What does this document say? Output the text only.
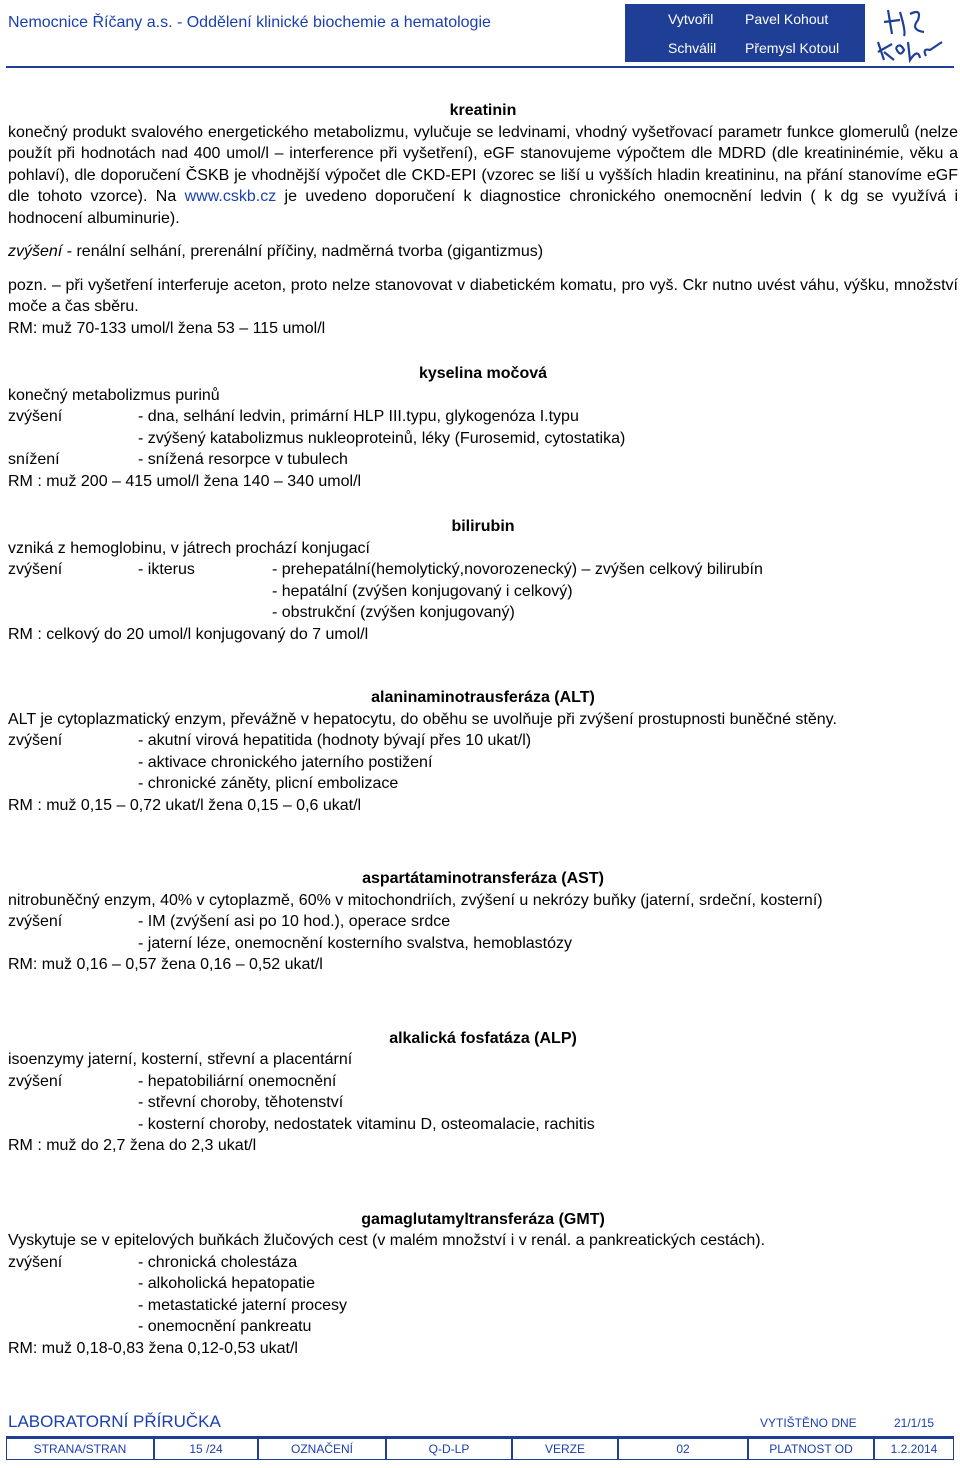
Nemocnice Říčany a.s. - Oddělení klinické biochemie a hematologie	Vytvořil Pavel Kohout
Schválil Přemysl Kotoul
kreatinin
konečný produkt svalového energetického metabolizmu, vylučuje se ledvinami, vhodný vyšetřovací parametr funkce glomerulů (nelze použít při hodnotách nad 400 umol/l – interference při vyšetření), eGF stanovujeme výpočtem dle MDRD (dle kreatininémie, věku a pohlaví), dle doporučení ČSKB je vhodnější výpočet dle CKD-EPI (vzorec se liší u vyšších hladin kreatininu, na přání stanovíme eGF dle tohoto vzorce). Na www.cskb.cz je uvedeno doporučení k diagnostice chronického onemocnění ledvin ( k dg se využívá i hodnocení albuminurie).
zvýšení - renální selhání, prerenální příčiny, nadměrná tvorba (gigantizmus)
pozn. – při vyšetření interferuje aceton, proto nelze stanovovat v diabetickém komatu, pro vyš. Ckr nutno uvést váhu, výšku, množství moče a čas sběru.
RM: muž 70-133 umol/l žena 53 – 115 umol/l
kyselina močová
konečný metabolizmus purinů
zvýšení	- dna, selhání ledvin, primární HLP III.typu, glykogenóza I.typu
- zvýšený katabolizmus nukleoproteinů, léky (Furosemid, cytostatika)
snížení	- snížená resorpce v tubulech
RM : muž 200 – 415 umol/l žena 140 – 340 umol/l
bilirubin
vzniká z hemoglobinu, v játrech prochází konjugací
zvýšení	- ikterus	- prehepatální(hemolytický,novorozenecký) – zvýšen celkový bilirubín
- hepatální (zvýšen konjugovaný i celkový)
- obstrukční (zvýšen konjugovaný)
RM : celkový do 20 umol/l konjugovaný do 7 umol/l
alaninaminotrausferáza (ALT)
ALT je cytoplazmatický enzym, převážně v hepatocytu, do oběhu se uvolňuje při zvýšení prostupnosti buněčné stěny.
zvýšení	- akutní virová hepatitida (hodnoty bývají přes 10 ukat/l)
- aktivace chronického jaterního postižení
- chronické záněty, plicní embolizace
RM : muž 0,15 – 0,72 ukat/l žena 0,15 – 0,6 ukat/l
aspartátaminotransferáza (AST)
nitrobuněčný enzym, 40% v cytoplazmě, 60% v mitochondriích, zvýšení u nekrózy buňky (jaterní, srdeční, kosterní)
zvýšení	- IM (zvýšení asi po 10 hod.), operace srdce
- jaterní léze, onemocnění kosterního svalstva, hemoblastózy
RM: muž 0,16 – 0,57 žena 0,16 – 0,52 ukat/l
alkalická fosfatáza (ALP)
isoenzymy jaterní, kosterní, střevní a placentární
zvýšení	- hepatobiliární onemocnění
- střevní choroby, těhotenství
- kosterní choroby, nedostatek vitaminu D, osteomalacie, rachitis
RM : muž do 2,7 žena do 2,3 ukat/l
gamaglutamyltransferáza (GMT)
Vyskytuje se v epitelových buňkách žlučových cest (v malém množství i v renál. a pankreatických cestách).
zvýšení	- chronická cholestáza
- alkoholická hepatopatie
- metastatické jaterní procesy
- onemocnění pankreatu
RM: muž 0,18-0,83 žena 0,12-0,53 ukat/l
LABORATORNÍ PŘÍRUČKA	VYTIŠTĚNO DNE	21/1/15
STRANA/STRAN	15 /24	OZNAČENÍ	Q-D-LP	VERZE	02	PLATNOST OD	1.2.2014
